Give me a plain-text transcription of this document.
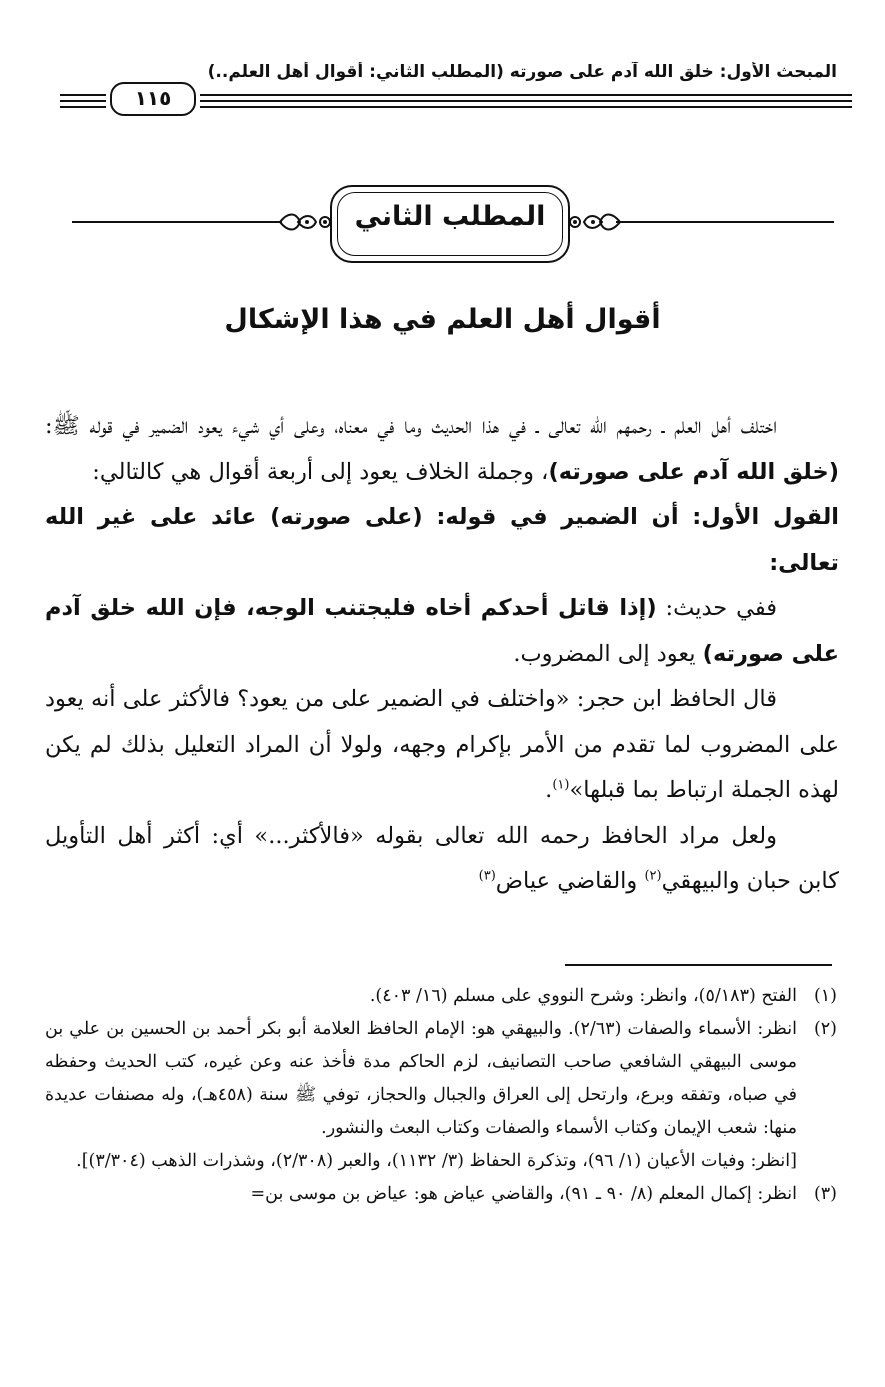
المبحث الأول: خلق الله آدم على صورته (المطلب الثاني: أقوال أهل العلم..)
١١٥
المطلب الثاني
أقوال أهل العلم في هذا الإشكال

اختلف أهل العلم ـ رحمهم الله تعالى ـ في هذا الحديث وما في معناه، وعلى أي شيء يعود الضمير في قوله ﷺ: (خلق الله آدم على صورته)، وجملة الخلاف يعود إلى أربعة أقوال هي كالتالي:

القول الأول: أن الضمير في قوله: (على صورته) عائد على غير الله تعالى:

ففي حديث: (إذا قاتل أحدكم أخاه فليجتنب الوجه، فإن الله خلق آدم على صورته) يعود إلى المضروب.

قال الحافظ ابن حجر: «واختلف في الضمير على من يعود؟ فالأكثر على أنه يعود على المضروب لما تقدم من الأمر بإكرام وجهه، ولولا أن المراد التعليل بذلك لم يكن لهذه الجملة ارتباط بما قبلها»$^{(١)}$.

ولعل مراد الحافظ رحمه الله تعالى بقوله «فالأكثر...» أي: أكثر أهل التأويل كابن حبان والبيهقي$^{(٢)}$ والقاضي عياض$^{(٣)}$

(١)

الفتح (٥/١٨٣)، وانظر: وشرح النووي على مسلم (١٦/ ٤٠٣).

(٢)

انظر: الأسماء والصفات (٢/٦٣). والبيهقي هو: الإمام الحافظ العلامة أبو بكر أحمد بن الحسين بن علي بن موسى البيهقي الشافعي صاحب التصانيف، لزم الحاكم مدة فأخذ عنه وعن غيره، كتب الحديث وحفظه في صباه، وتفقه وبرع، وارتحل إلى العراق والجبال والحجاز، توفي ﷺ سنة (٤٥٨هـ)، وله مصنفات عديدة منها: شعب الإيمان وكتاب الأسماء والصفات وكتاب البعث والنشور.

[انظر: وفيات الأعيان (١/ ٩٦)، وتذكرة الحفاظ (٣/ ١١٣٢)، والعبر (٢/٣٠٨)، وشذرات الذهب (٣/٣٠٤)].

(٣)

انظر: إكمال المعلم (٨/ ٩٠ ـ ٩١)، والقاضي عياض هو: عياض بن موسى بن=
